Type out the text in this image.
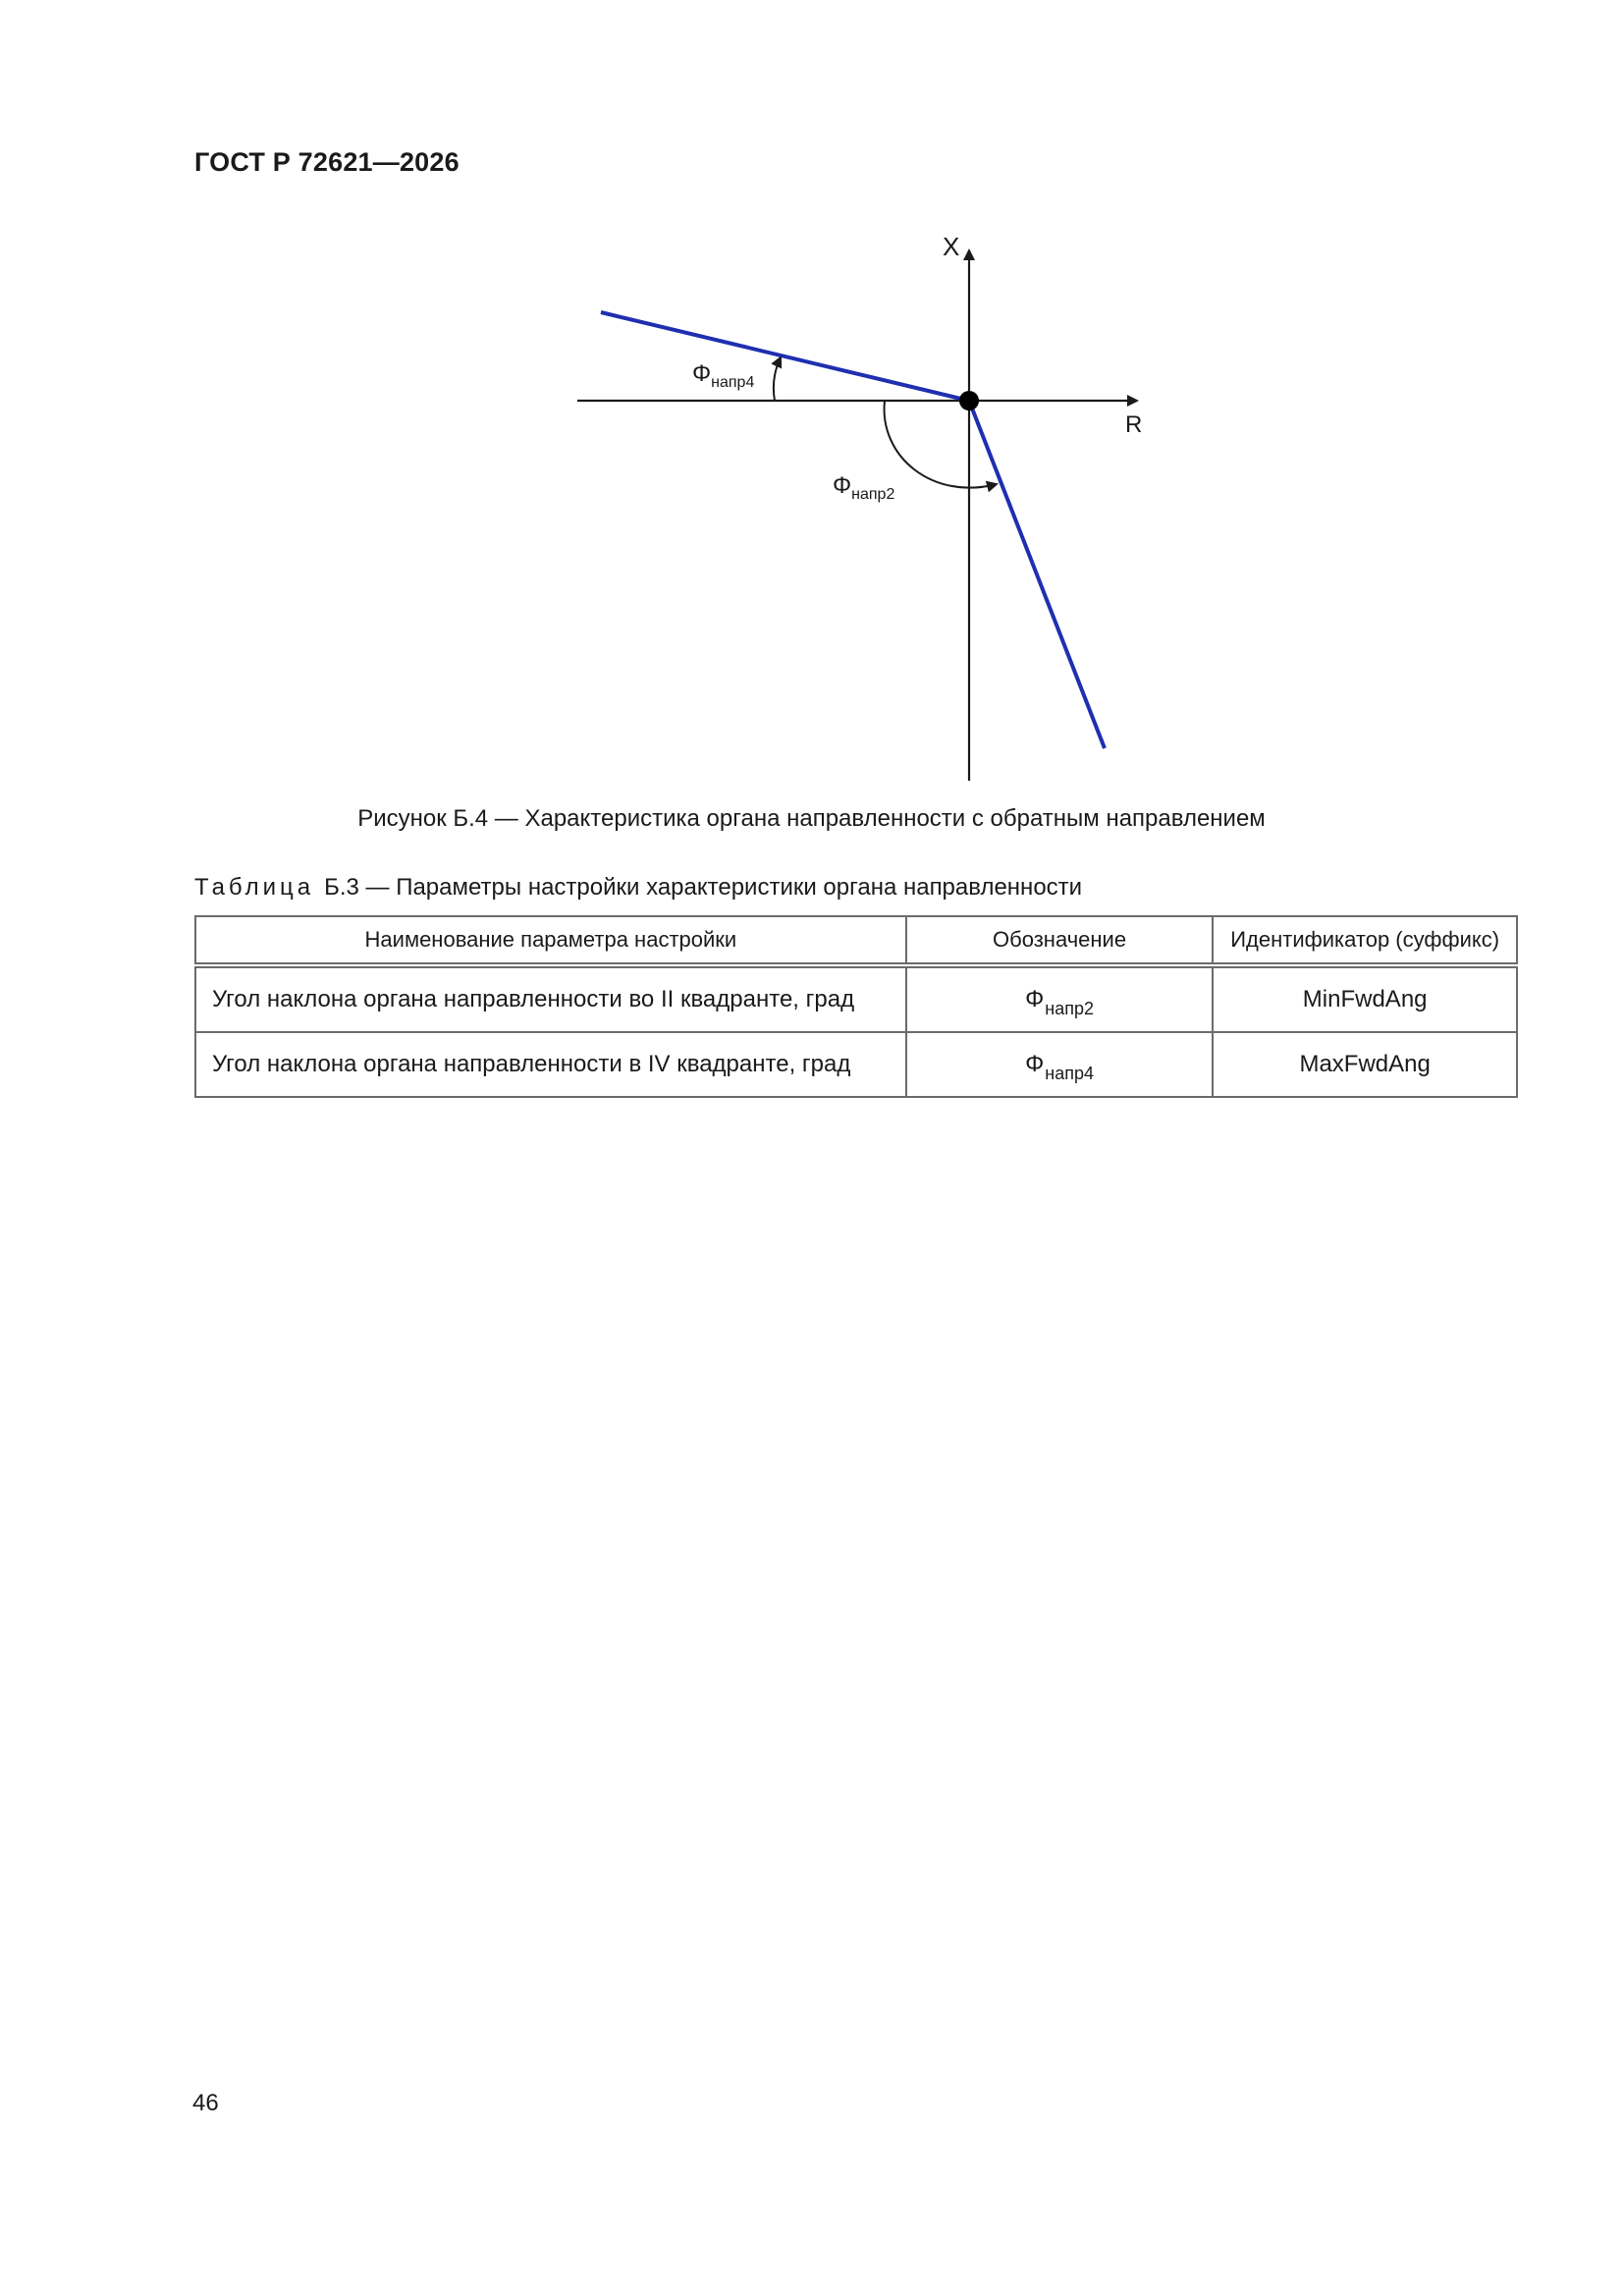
ГОСТ Р 72621—2026
X
R
$\Phi_{напр4}$
$\Phi_{напр2}$
Рисунок Б.4 — Характеристика органа направленности с обратным направлением
Таблица Б.3 — Параметры настройки характеристики органа направленности
Наименование параметра настройки	Обозначение	Идентификатор (суффикс)
Угол наклона органа направленности во II квадранте, град	$\Phi_{напр2}$	MinFwdAng
Угол наклона органа направленности в IV квадранте, град	$\Phi_{напр4}$	MaxFwdAng
46
